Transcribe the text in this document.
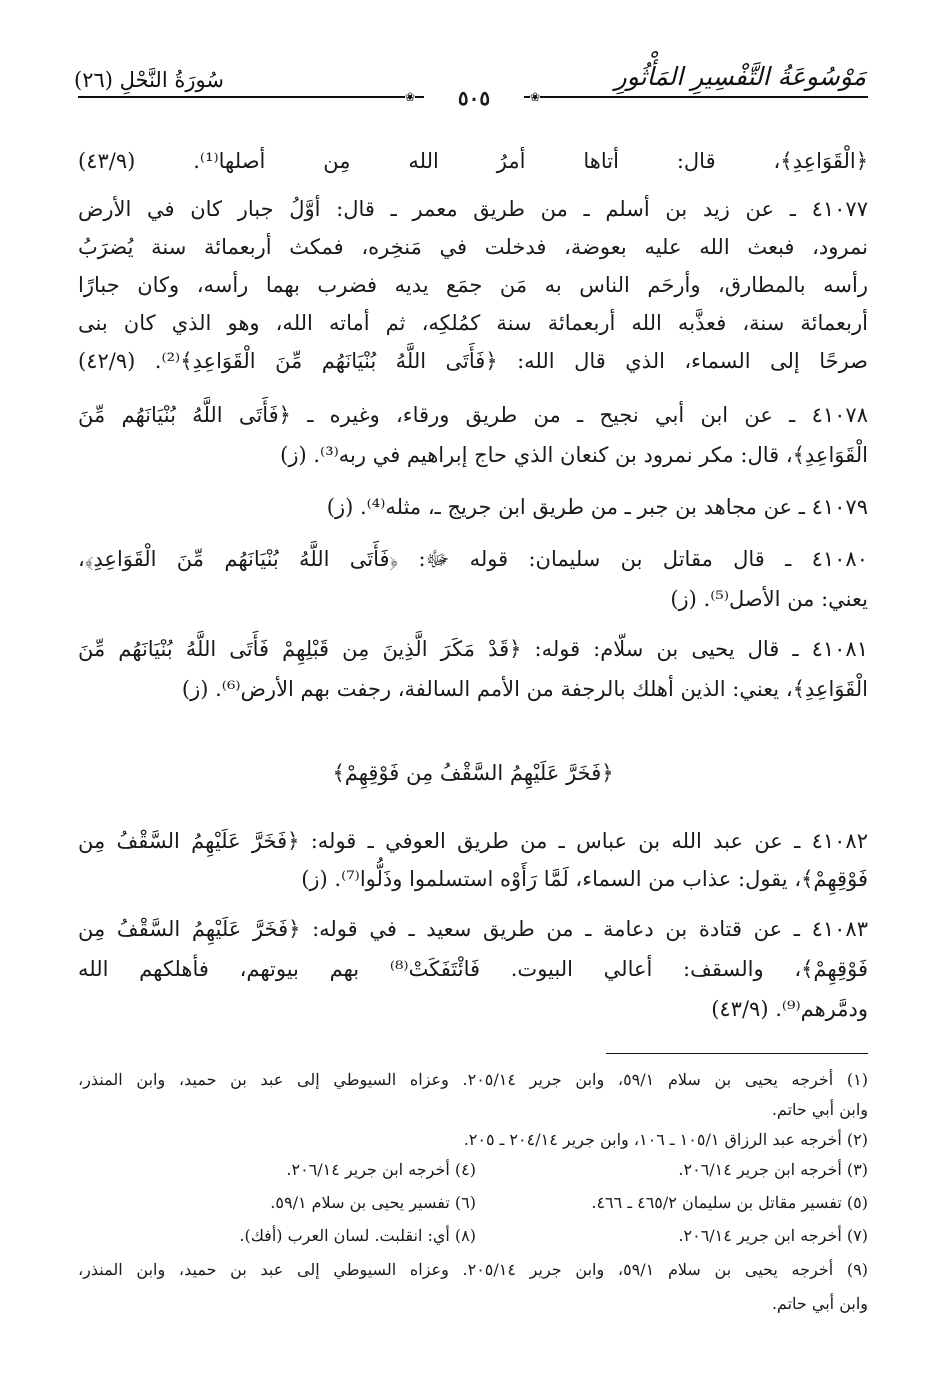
سُورَةُ النَّحْلِ (٢٦)	مَوْسُوعَةُ التَّفْسِيرِ المَأْثُورِ
❀	٥٠٥	❀
﴿الْقَوَاعِدِ﴾، قال: أتاها أمرُ الله مِن أصلها⁽¹⁾. (٤٣/٩)
٤١٠٧٧ ـ عن زيد بن أسلم ـ من طريق معمر ـ قال: أوَّلُ جبار كان في الأرض
نمرود، فبعث الله عليه بعوضة، فدخلت في مَنخِره، فمكث أربعمائة سنة يُضرَبُ
رأسه بالمطارق، وأرحَم الناس به مَن جمَع يديه فضرب بهما رأسه، وكان جبارًا
أربعمائة سنة، فعذَّبه الله أربعمائة سنة كمُلكِه، ثم أماته الله، وهو الذي كان بنى
صرحًا إلى السماء، الذي قال الله: ﴿فَأَتَى اللَّهُ بُنْيَانَهُم مِّنَ الْقَوَاعِدِ﴾⁽²⁾. (٤٢/٩)
٤١٠٧٨ ـ عن ابن أبي نجيح ـ من طريق ورقاء، وغيره ـ ﴿فَأَتَى اللَّهُ بُنْيَانَهُم مِّنَ
الْقَوَاعِدِ﴾، قال: مكر نمرود بن كنعان الذي حاج إبراهيم في ربه⁽³⁾. (ز)
٤١٠٧٩ ـ عن مجاهد بن جبر ـ من طريق ابن جريج ـ، مثله⁽⁴⁾. (ز)
٤١٠٨٠ ـ قال مقاتل بن سليمان: قوله ﷻ: ﴿فَأَتَى اللَّهُ بُنْيَانَهُم مِّنَ الْقَوَاعِدِ﴾،
يعني: من الأصل⁽⁵⁾. (ز)
٤١٠٨١ ـ قال يحيى بن سلّام: قوله: ﴿قَدْ مَكَرَ الَّذِينَ مِن قَبْلِهِمْ فَأَتَى اللَّهُ بُنْيَانَهُم مِّنَ
الْقَوَاعِدِ﴾، يعني: الذين أهلك بالرجفة من الأمم السالفة، رجفت بهم الأرض⁽⁶⁾. (ز)
﴿فَخَرَّ عَلَيْهِمُ السَّقْفُ مِن فَوْقِهِمْ﴾
٤١٠٨٢ ـ عن عبد الله بن عباس ـ من طريق العوفي ـ قوله: ﴿فَخَرَّ عَلَيْهِمُ السَّقْفُ مِن
فَوْقِهِمْ﴾، يقول: عذاب من السماء، لَمَّا رَأَوْه استسلموا وذَلُّوا⁽⁷⁾. (ز)
٤١٠٨٣ ـ عن قتادة بن دعامة ـ من طريق سعيد ـ في قوله: ﴿فَخَرَّ عَلَيْهِمُ السَّقْفُ مِن
فَوْقِهِمْ﴾، والسقف: أعالي البيوت. فَائْتَفَكَتْ⁽⁸⁾ بهم بيوتهم، فأهلكهم الله
ودمَّرهم⁽⁹⁾. (٤٣/٩)
(١) أخرجه يحيى بن سلام ٥٩/١، وابن جرير ٢٠٥/١٤. وعزاه السيوطي إلى عبد بن حميد، وابن المنذر،
وابن أبي حاتم.
(٢) أخرجه عبد الرزاق ١٠٥/١ ـ ١٠٦، وابن جرير ٢٠٤/١٤ ـ ٢٠٥.
(٣) أخرجه ابن جرير ٢٠٦/١٤.
(٤) أخرجه ابن جرير ٢٠٦/١٤.
(٥) تفسير مقاتل بن سليمان ٤٦٥/٢ ـ ٤٦٦.
(٦) تفسير يحيى بن سلام ٥٩/١.
(٧) أخرجه ابن جرير ٢٠٦/١٤.
(٨) أي: انقلبت. لسان العرب (أفك).
(٩) أخرجه يحيى بن سلام ٥٩/١، وابن جرير ٢٠٥/١٤. وعزاه السيوطي إلى عبد بن حميد، وابن المنذر،
وابن أبي حاتم.
